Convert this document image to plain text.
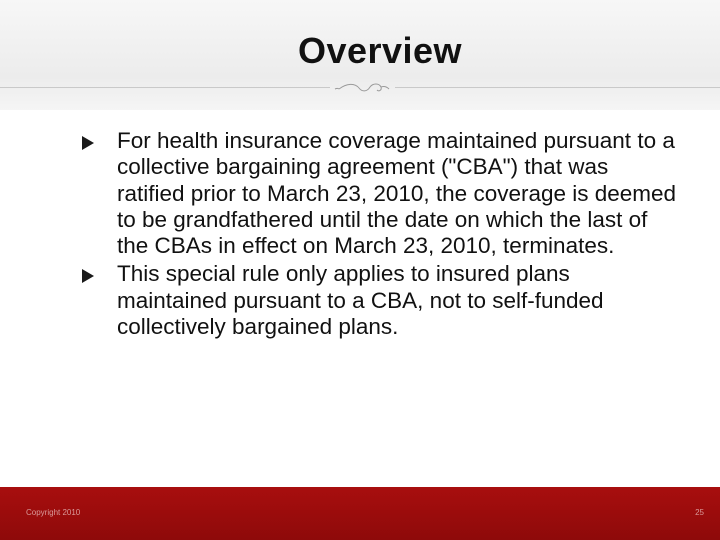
Overview
For health insurance coverage maintained pursuant to a collective bargaining agreement ("CBA") that was ratified prior to March 23, 2010, the coverage is deemed to be grandfathered until the date on which the last of the CBAs in effect on March 23, 2010, terminates.
This special rule only applies to insured plans maintained pursuant to a CBA, not to self-funded collectively bargained plans.
Copyright 2010	25
